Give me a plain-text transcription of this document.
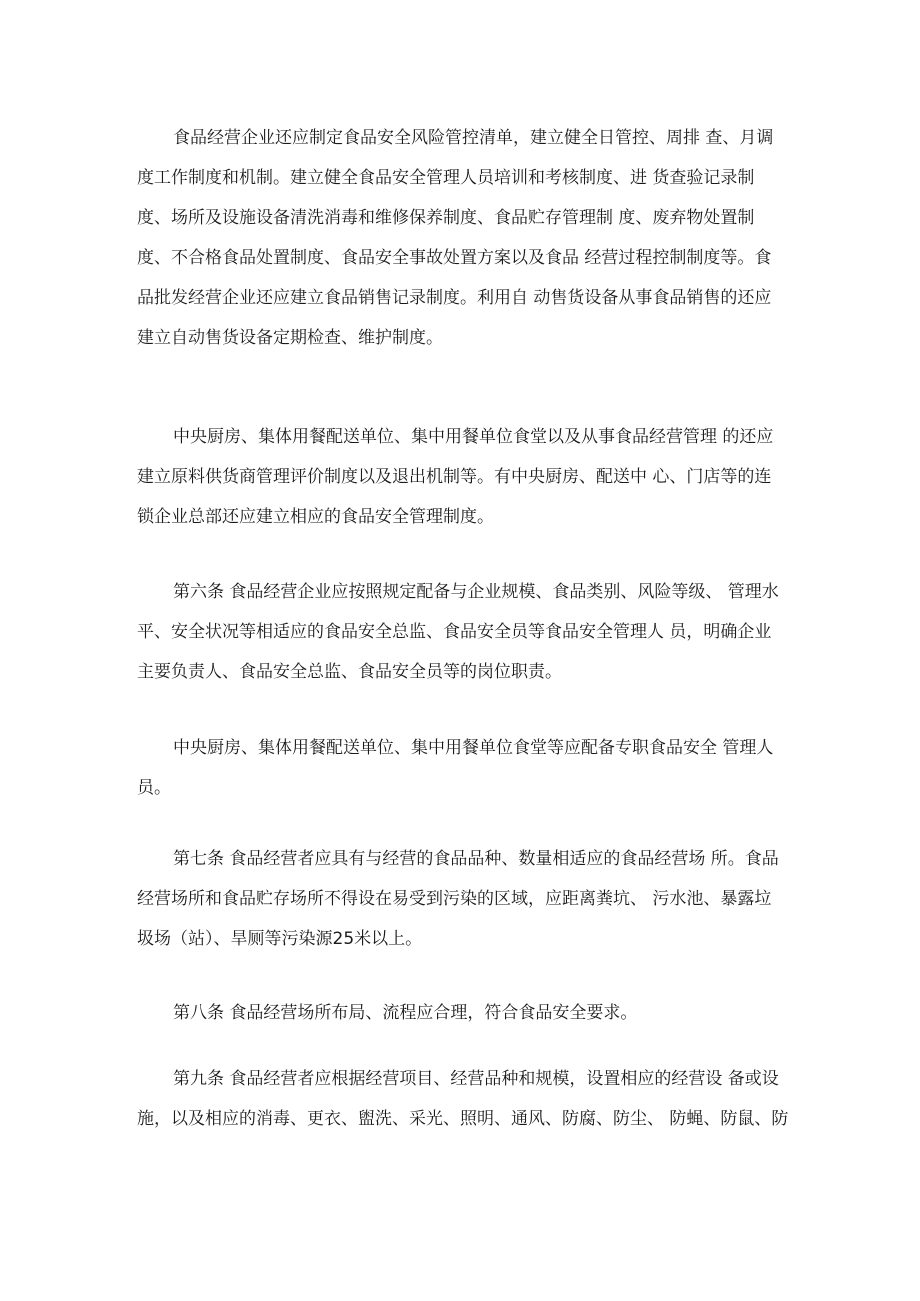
食品经营企业还应制定食品安全风险管控清单，建立健全日管控、周排 查、月调
度工作制度和机制。建立健全食品安全管理人员培训和考核制度、进 货查验记录制
度、场所及设施设备清洗消毒和维修保养制度、食品贮存管理制 度、废弃物处置制
度、不合格食品处置制度、食品安全事故处置方案以及食品 经营过程控制制度等。食
品批发经营企业还应建立食品销售记录制度。利用自 动售货设备从事食品销售的还应
建立自动售货设备定期检查、维护制度。

中央厨房、集体用餐配送单位、集中用餐单位食堂以及从事食品经营管理 的还应
建立原料供货商管理评价制度以及退出机制等。有中央厨房、配送中 心、门店等的连
锁企业总部还应建立相应的食品安全管理制度。

第六条 食品经营企业应按照规定配备与企业规模、食品类别、风险等级、 管理水
平、安全状况等相适应的食品安全总监、食品安全员等食品安全管理人 员，明确企业
主要负责人、食品安全总监、食品安全员等的岗位职责。

中央厨房、集体用餐配送单位、集中用餐单位食堂等应配备专职食品安全 管理人
员。

第七条 食品经营者应具有与经营的食品品种、数量相适应的食品经营场 所。食品
经营场所和食品贮存场所不得设在易受到污染的区域，应距离粪坑、 污水池、暴露垃
圾场（站）、旱厕等污染源25米以上。

第八条 食品经营场所布局、流程应合理，符合食品安全要求。

第九条 食品经营者应根据经营项目、经营品种和规模，设置相应的经营设 备或设
施，以及相应的消毒、更衣、盥洗、采光、照明、通风、防腐、防尘、 防蝇、防鼠、防
